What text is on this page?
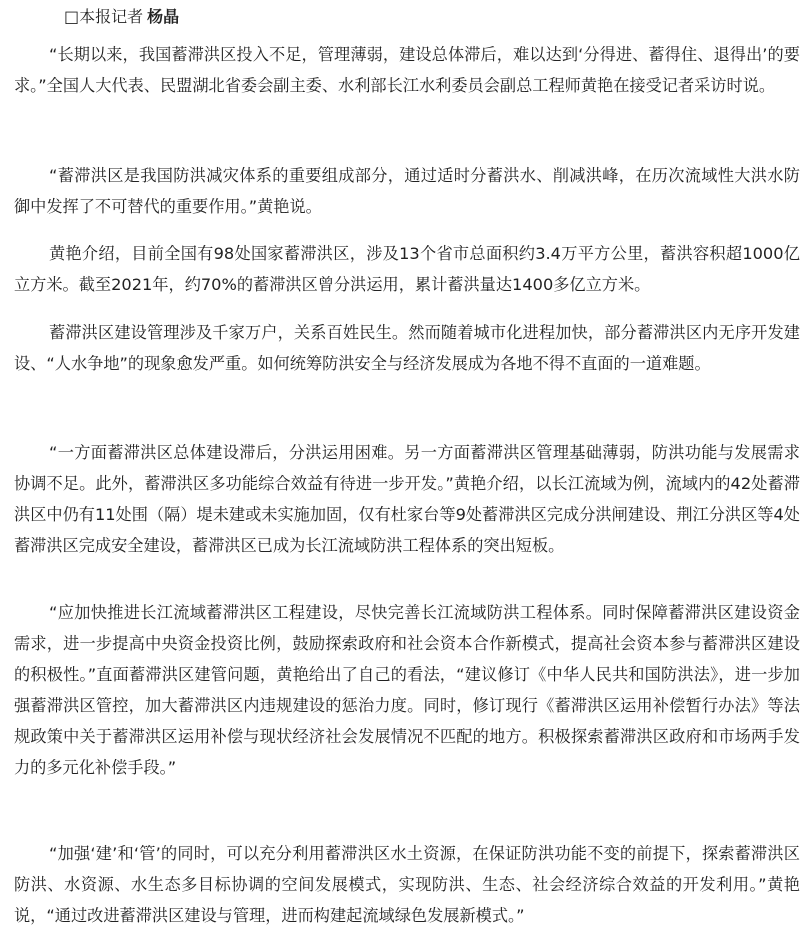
□本报记者 杨晶

“长期以来，我国蓄滞洪区投入不足，管理薄弱，建设总体滞后，难以达到‘分得进、蓄得住、退得出’的要求。”全国人大代表、民盟湖北省委会副主委、水利部长江水利委员会副总工程师黄艳在接受记者采访时说。

“蓄滞洪区是我国防洪减灾体系的重要组成部分，通过适时分蓄洪水、削减洪峰，在历次流域性大洪水防御中发挥了不可替代的重要作用。”黄艳说。

黄艳介绍，目前全国有98处国家蓄滞洪区，涉及13个省市总面积约3.4万平方公里，蓄洪容积超1000亿立方米。截至2021年，约70%的蓄滞洪区曾分洪运用，累计蓄洪量达1400多亿立方米。

蓄滞洪区建设管理涉及千家万户，关系百姓民生。然而随着城市化进程加快，部分蓄滞洪区内无序开发建设、“人水争地”的现象愈发严重。如何统筹防洪安全与经济发展成为各地不得不直面的一道难题。

“一方面蓄滞洪区总体建设滞后，分洪运用困难。另一方面蓄滞洪区管理基础薄弱，防洪功能与发展需求协调不足。此外，蓄滞洪区多功能综合效益有待进一步开发。”黄艳介绍，以长江流域为例，流域内的42处蓄滞洪区中仍有11处围（隔）堤未建或未实施加固，仅有杜家台等9处蓄滞洪区完成分洪闸建设、荆江分洪区等4处蓄滞洪区完成安全建设，蓄滞洪区已成为长江流域防洪工程体系的突出短板。

“应加快推进长江流域蓄滞洪区工程建设，尽快完善长江流域防洪工程体系。同时保障蓄滞洪区建设资金需求，进一步提高中央资金投资比例，鼓励探索政府和社会资本合作新模式，提高社会资本参与蓄滞洪区建设的积极性。”直面蓄滞洪区建管问题，黄艳给出了自己的看法，“建议修订《中华人民共和国防洪法》，进一步加强蓄滞洪区管控，加大蓄滞洪区内违规建设的惩治力度。同时，修订现行《蓄滞洪区运用补偿暂行办法》等法规政策中关于蓄滞洪区运用补偿与现状经济社会发展情况不匹配的地方。积极探索蓄滞洪区政府和市场两手发力的多元化补偿手段。”

“加强‘建’和‘管’的同时，可以充分利用蓄滞洪区水土资源，在保证防洪功能不变的前提下，探索蓄滞洪区防洪、水资源、水生态多目标协调的空间发展模式，实现防洪、生态、社会经济综合效益的开发利用。”黄艳说，“通过改进蓄滞洪区建设与管理，进而构建起流域绿色发展新模式。”
